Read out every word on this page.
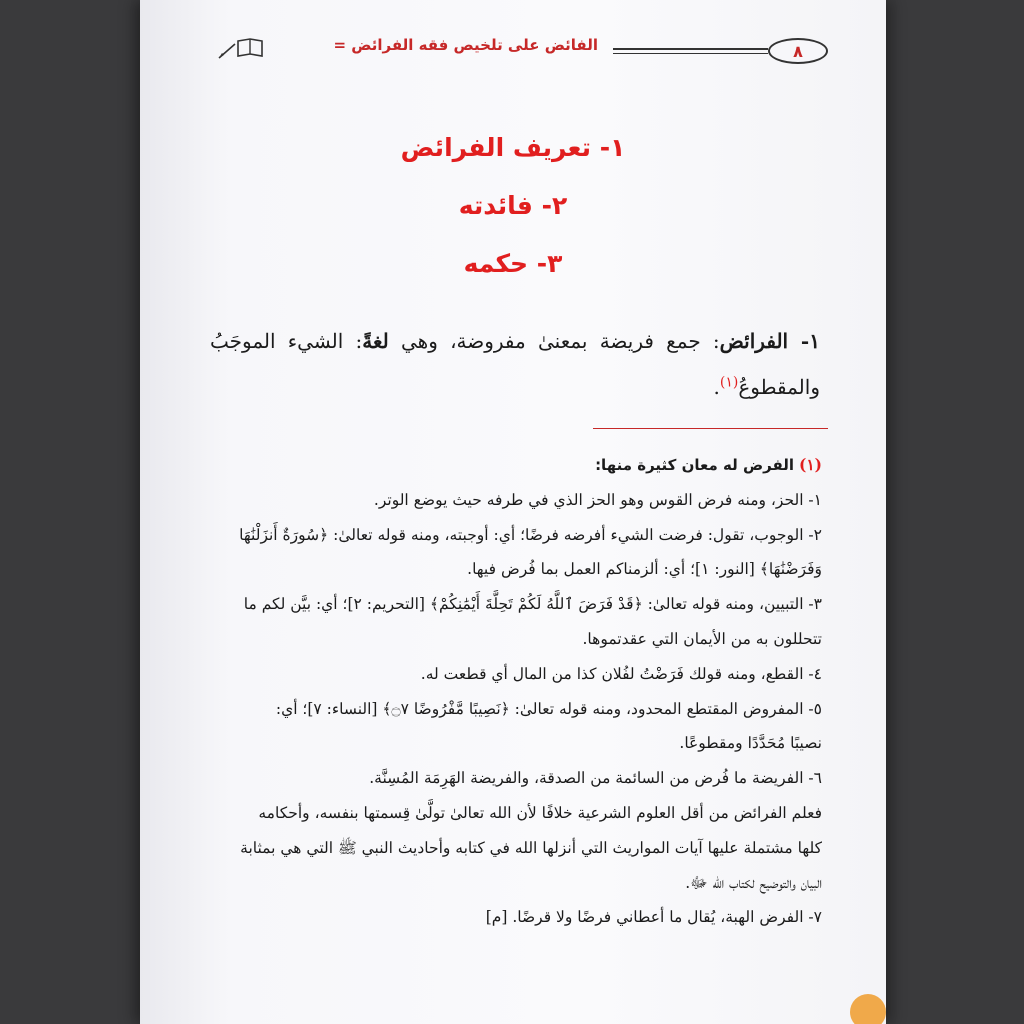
٨
الفائض على تلخيص فقه الفرائض =
١- تعريف الفرائض
٢- فائدته
٣- حكمه
١- الفرائض: جمع فريضة بمعنىٰ مفروضة، وهي لغةً: الشيء الموجَبُ والمقطوعُ$^{(١)}$.
(١) الفرض له معان كثيرة منها:
١- الحز، ومنه فرض القوس وهو الحز الذي في طرفه حيث يوضع الوتر.
٢- الوجوب، تقول: فرضت الشيء أفرضه فرضًا؛ أي: أوجبته، ومنه قوله تعالىٰ: ﴿سُورَةٌ أَنزَلْنَٰهَا
وَفَرَضْنَٰهَا﴾ [النور: ١]؛ أي: ألزمناكم العمل بما فُرض فيها.
٣- التبيين، ومنه قوله تعالىٰ: ﴿قَدْ فَرَضَ ٱللَّهُ لَكُمْ تَحِلَّةَ أَيْمَٰنِكُمْ﴾ [التحريم: ٢]؛ أي: بيَّن لكم ما
تتحللون به من الأيمان التي عقدتموها.
٤- القطع، ومنه قولك فَرَضْتُ لفُلان كذا من المال أي قطعت له.
٥- المفروض المقتطع المحدود، ومنه قوله تعالىٰ: ﴿نَصِيبًا مَّفْرُوضًا ۝٧﴾ [النساء: ٧]؛ أي:
نصيبًا مُحَدَّدًا ومقطوعًا.
٦- الفريضة ما فُرض من السائمة من الصدقة، والفريضة الهَرِمَة المُسِنَّة.
فعلم الفرائض من أقل العلوم الشرعية خلافًا لأن الله تعالىٰ تولَّىٰ قِسمتها بنفسه، وأحكامه
كلها مشتملة عليها آيات المواريث التي أنزلها الله في كتابه وأحاديث النبي ﷺ التي هي بمثابة
البيان والتوضيح لكتاب الله ﷻ.
٧- الفرض الهبة، يُقال ما أعطاني فرضًا ولا قرضًا. [م]
